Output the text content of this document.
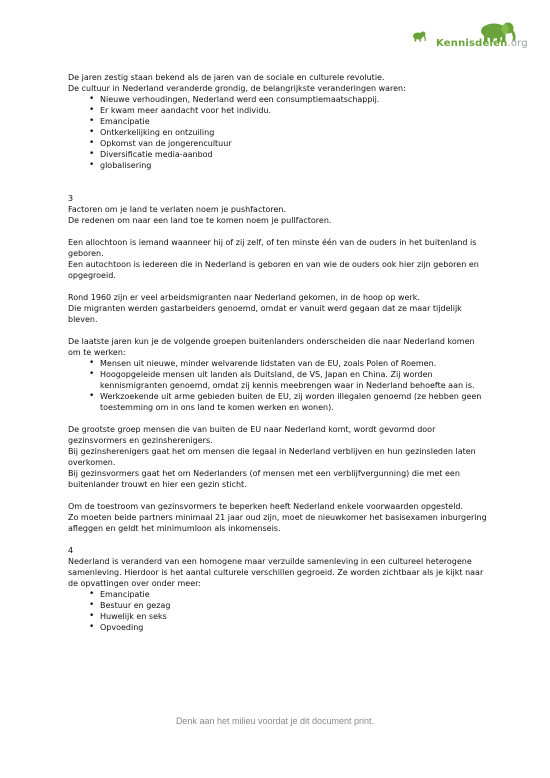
Kennisdelen.org

De jaren zestig staan bekend als de jaren van de sociale en culturele revolutie.

De cultuur in Nederland veranderde grondig, de belangrijkste veranderingen waren:

• Nieuwe verhoudingen, Nederland werd een consumptiemaatschappij.
• Er kwam meer aandacht voor het individu.
• Emancipatie
• Ontkerkelijking en ontzuiling
• Opkomst van de jongerencultuur
• Diversificatie media-aanbod
• globalisering

3

Factoren om je land te verlaten noem je pushfactoren.

De redenen om naar een land toe te komen noem je pullfactoren.

Een allochtoon is iemand waanneer hij of zij zelf, of ten minste één van de ouders in het buitenland is geboren.

Een autochtoon is iedereen die in Nederland is geboren en van wie de ouders ook hier zijn geboren en opgegroeid.

Rond 1960 zijn er veel arbeidsmigranten naar Nederland gekomen, in de hoop op werk.

Die migranten werden gastarbeiders genoemd, omdat er vanuit werd gegaan dat ze maar tijdelijk bleven.

De laatste jaren kun je de volgende groepen buitenlanders onderscheiden die naar Nederland komen om te werken:

• Mensen uit nieuwe, minder welvarende lidstaten van de EU, zoals Polen of Roemen.
• Hoogopgeleide mensen uit landen als Duitsland, de VS, Japan en China. Zij worden kennismigranten genoemd, omdat zij kennis meebrengen waar in Nederland behoefte aan is.
• Werkzoekende uit arme gebieden buiten de EU, zij worden illegalen genoemd (ze hebben geen toestemming om in ons land te komen werken en wonen).

De grootste groep mensen die van buiten de EU naar Nederland komt, wordt gevormd door gezinsvormers en gezinsherenigers.

Bij gezinsherenigers gaat het om mensen die legaal in Nederland verblijven en hun gezinsleden laten overkomen.

Bij gezinsvormers gaat het om Nederlanders (of mensen met een verblijfvergunning) die met een buitenlander trouwt en hier een gezin sticht.

Om de toestroom van gezinsvormers te beperken heeft Nederland enkele voorwaarden opgesteld.

Zo moeten beide partners minimaal 21 jaar oud zijn, moet de nieuwkomer het basisexamen inburgering afleggen en geldt het minimumloon als inkomenseis.

4

Nederland is veranderd van een homogene maar verzuilde samenleving in een cultureel heterogene samenleving. Hierdoor is het aantal culturele verschillen gegroeid. Ze worden zichtbaar als je kijkt naar de opvattingen over onder meer:

• Emancipatie
• Bestuur en gezag
• Huwelijk en seks
• Opvoeding
Denk aan het milieu voordat je dit document print.
